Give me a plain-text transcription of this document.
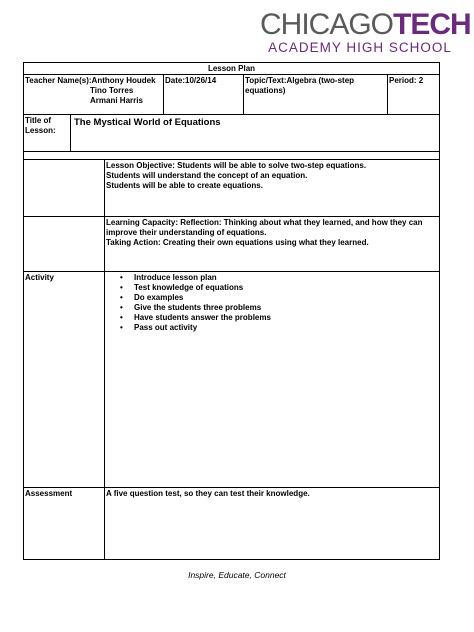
CHICAGOTECH
ACADEMY HIGH SCHOOL
Lesson Plan
Teacher Name(s):Anthony Houdek
Tino Torres
Armani Harris
Date:10/26/14	Topic/Text:Algebra (two-step equations)
Period: 2
Title of Lesson:
The Mystical World of Equations
Lesson Objective: Students will be able to solve two-step equations.
Students will understand the concept of an equation.
Students will be able to create equations.
Learning Capacity: Reflection: Thinking about what they learned, and how they can improve their understanding of equations.
Taking Action: Creating their own equations using what they learned.
Activity
•	Introduce lesson plan
• Test knowledge of equations
• Do examples
• Give the students three problems
• Have students answer the problems
• Pass out activity
Assessment	A five question test, so they can test their knowledge.
Inspire, Educate, Connect
